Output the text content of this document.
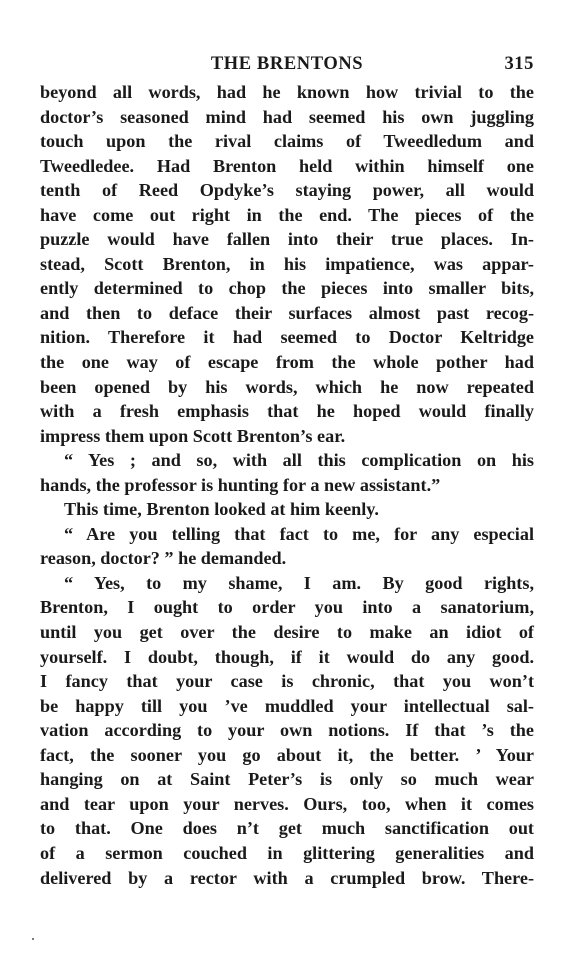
THE BRENTONS	315
beyond all words, had he known how trivial to the
doctor’s seasoned mind had seemed his own juggling
touch upon the rival claims of Tweedledum and
Tweedledee. Had Brenton held within himself one
tenth of Reed Opdyke’s staying power, all would
have come out right in the end. The pieces of the
puzzle would have fallen into their true places. In-
stead, Scott Brenton, in his impatience, was appar-
ently determined to chop the pieces into smaller bits,
and then to deface their surfaces almost past recog-
nition. Therefore it had seemed to Doctor Keltridge
the one way of escape from the whole pother had
been opened by his words, which he now repeated
with a fresh emphasis that he hoped would finally
impress them upon Scott Brenton’s ear.
“ Yes ; and so, with all this complication on his
hands, the professor is hunting for a new assistant.”
This time, Brenton looked at him keenly.
“ Are you telling that fact to me, for any especial
reason, doctor? ” he demanded.
“ Yes, to my shame, I am. By good rights,
Brenton, I ought to order you into a sanatorium,
until you get over the desire to make an idiot of
yourself. I doubt, though, if it would do any good.
I fancy that your case is chronic, that you won’t
be happy till you ’ve muddled your intellectual sal-
vation according to your own notions. If that ’s the
fact, the sooner you go about it, the better. ’ Your
hanging on at Saint Peter’s is only so much wear
and tear upon your nerves. Ours, too, when it comes
to that. One does n’t get much sanctification out
of a sermon couched in glittering generalities and
delivered by a rector with a crumpled brow. There-
